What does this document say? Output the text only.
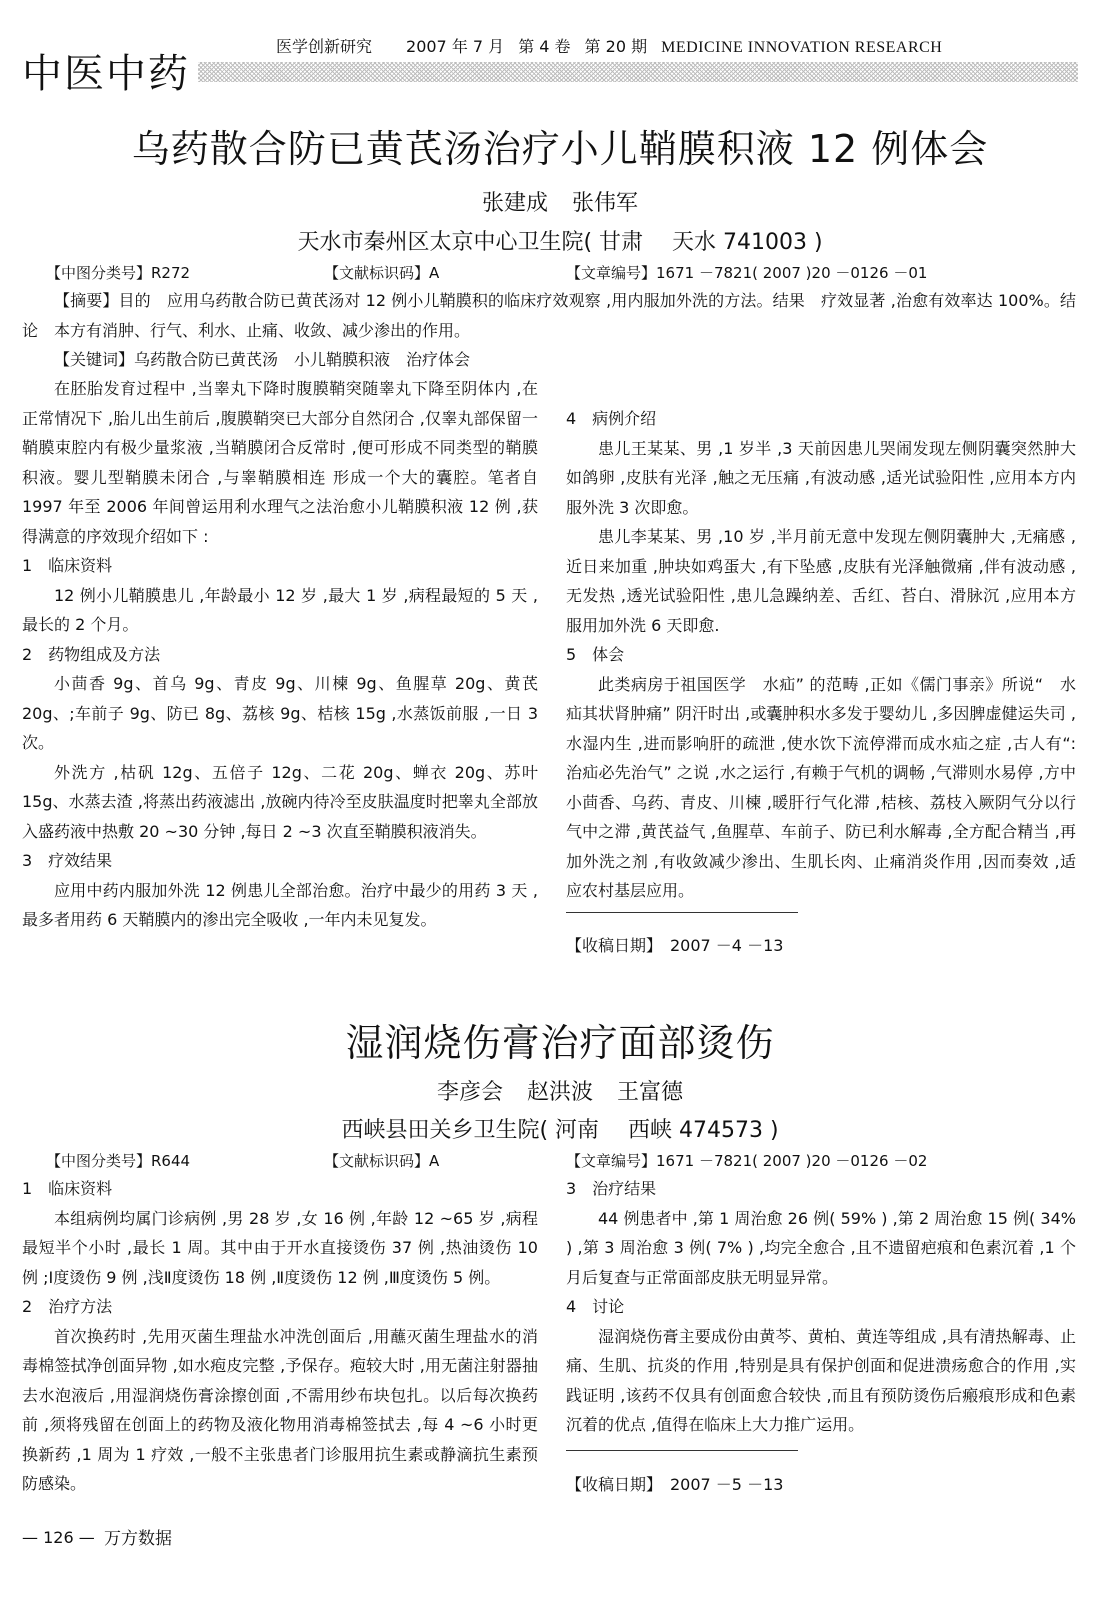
中医中药
医学创新研究 2007 年 7 月 第 4 卷 第 20 期 MEDICINE INNOVATION RESEARCH
乌药散合防已黄芪汤治疗小儿鞘膜积液 12 例体会
张建成 张伟军
天水市秦州区太京中心卫生院( 甘肃　 天水 741003 )
【中图分类号】R272	【文献标识码】A	【文章编号】1671 －7821( 2007 )20 －0126 －01

【摘要】目的　应用乌药散合防已黄芪汤对 12 例小儿鞘膜积的临床疗效观察 ,用内服加外洗的方法。结果　疗效显著 ,治愈有效率达 100%。结论　本方有消肿、行气、利水、止痛、收敛、减少渗出的作用。

【关键词】乌药散合防已黄芪汤　小儿鞘膜积液　治疗体会

在胚胎发育过程中 ,当睾丸下降时腹膜鞘突随睾丸下降至阴体内 ,在正常情况下 ,胎儿出生前后 ,腹膜鞘突已大部分自然闭合 ,仅睾丸部保留一鞘膜束腔内有极少量浆液 ,当鞘膜闭合反常时 ,便可形成不同类型的鞘膜积液。婴儿型鞘膜未闭合 ,与睾鞘膜相连 形成一个大的囊腔。笔者自 1997 年至 2006 年间曾运用利水理气之法治愈小儿鞘膜积液 12 例 ,获得满意的序效现介绍如下 :

1　临床资料

12 例小儿鞘膜患儿 ,年龄最小 12 岁 ,最大 1 岁 ,病程最短的 5 天 ,最长的 2 个月。

2　药物组成及方法

小茴香 9g、首乌 9g、青皮 9g、川楝 9g、鱼腥草 20g、黄芪 20g、;车前子 9g、防已 8g、荔核 9g、桔核 15g ,水蒸饭前服 ,一日 3 次。

外洗方 ,枯矾 12g、五倍子 12g、二花 20g、蝉衣 20g、苏叶 15g、水蒸去渣 ,将蒸出药液滤出 ,放碗内待冷至皮肤温度时把睾丸全部放入盛药液中热敷 20 ~30 分钟 ,每日 2 ~3 次直至鞘膜积液消失。

3　疗效结果

应用中药内服加外洗 12 例患儿全部治愈。治疗中最少的用药 3 天 ,最多者用药 6 天鞘膜内的渗出完全吸收 ,一年内未见复发。

4　病例介绍

患儿王某某、男 ,1 岁半 ,3 天前因患儿哭闹发现左侧阴囊突然肿大如鸽卵 ,皮肤有光泽 ,触之无压痛 ,有波动感 ,适光试验阳性 ,应用本方内服外洗 3 次即愈。

患儿李某某、男 ,10 岁 ,半月前无意中发现左侧阴囊肿大 ,无痛感 ,近日来加重 ,肿块如鸡蛋大 ,有下坠感 ,皮肤有光泽触微痛 ,伴有波动感 ,无发热 ,透光试验阳性 ,患儿急躁纳差、舌红、苔白、滑脉沉 ,应用本方服用加外洗 6 天即愈.

5　体会

此类病房于祖国医学　水疝” 的范畴 ,正如《儒门事亲》所说“　水疝其状肾肿痛” 阴汗时出 ,或囊肿积水多发于婴幼儿 ,多因脾虚健运失司 ,水湿内生 ,进而影响肝的疏泄 ,使水饮下流停滞而成水疝之症 ,古人有“: 治疝必先治气” 之说 ,水之运行 ,有赖于气机的调畅 ,气滞则水易停 ,方中小茴香、乌药、青皮、川楝 ,暖肝行气化滞 ,桔核、荔枝入厥阴气分以行气中之滞 ,黄芪益气 ,鱼腥草、车前子、防已利水解毒 ,全方配合精当 ,再加外洗之剂 ,有收敛减少渗出、生肌长肉、止痛消炎作用 ,因而奏效 ,适应农村基层应用。

【收稿日期】　2007 －4 －13
湿润烧伤膏治疗面部烫伤
李彦会 赵洪波 王富德
西峡县田关乡卫生院( 河南　 西峡 474573 )
【中图分类号】R644	【文献标识码】A	【文章编号】1671 －7821( 2007 )20 －0126 －02

1　临床资料

本组病例均属门诊病例 ,男 28 岁 ,女 16 例 ,年龄 12 ~65 岁 ,病程最短半个小时 ,最长 1 周。其中由于开水直接烫伤 37 例 ,热油烫伤 10 例 ;Ⅰ度烫伤 9 例 ,浅Ⅱ度烫伤 18 例 ,Ⅱ度烫伤 12 例 ,Ⅲ度烫伤 5 例。

2　治疗方法

首次换药时 ,先用灭菌生理盐水冲洗创面后 ,用蘸灭菌生理盐水的消毒棉签拭净创面异物 ,如水疱皮完整 ,予保存。疱较大时 ,用无菌注射器抽去水泡液后 ,用湿润烧伤膏涂擦创面 ,不需用纱布块包扎。以后每次换药前 ,须将残留在创面上的药物及液化物用消毒棉签拭去 ,每 4 ~6 小时更换新药 ,1 周为 1 疗效 ,一般不主张患者门诊服用抗生素或静滴抗生素预防感染。

3　治疗结果

44 例患者中 ,第 1 周治愈 26 例( 59% ) ,第 2 周治愈 15 例( 34% ) ,第 3 周治愈 3 例( 7% ) ,均完全愈合 ,且不遗留疤痕和色素沉着 ,1 个月后复查与正常面部皮肤无明显异常。

4　讨论

湿润烧伤膏主要成份由黄芩、黄柏、黄连等组成 ,具有清热解毒、止痛、生肌、抗炎的作用 ,特别是具有保护创面和促进溃疡愈合的作用 ,实践证明 ,该药不仅具有创面愈合较快 ,而且有预防烫伤后瘢痕形成和色素沉着的优点 ,值得在临床上大力推广运用。

【收稿日期】　2007 －5 －13
— 126 — 万方数据
